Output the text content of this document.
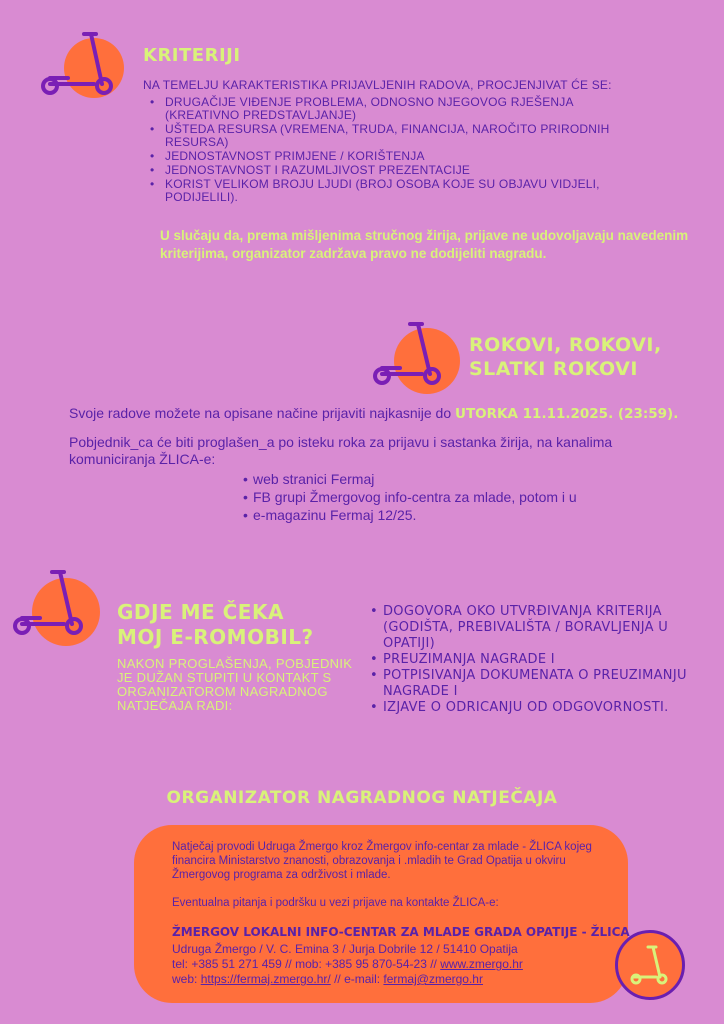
KRITERIJI
NA TEMELJU KARAKTERISTIKA PRIJAVLJENIH RADOVA, PROCJENJIVAT ĆE SE:
• DRUGAČIJE VIĐENJE PROBLEMA, ODNOSNO NJEGOVOG RJEŠENJA (KREATIVNO PREDSTAVLJANJE)
• UŠTEDA RESURSA (VREMENA, TRUDA, FINANCIJA, NAROČITO PRIRODNIH RESURSA)
• JEDNOSTAVNOST PRIMJENE / KORIŠTENJA
• JEDNOSTAVNOST I RAZUMLJIVOST PREZENTACIJE
• KORIST VELIKOM BROJU LJUDI (BROJ OSOBA KOJE SU OBJAVU VIDJELI, PODIJELILI).
U slučaju da, prema mišljenima stručnog žirija, prijave ne udovoljavaju navedenim kriterijima, organizator zadržava pravo ne dodijeliti nagradu.
ROKOVI, ROKOVI,
SLATKI ROKOVI
Svoje radove možete na opisane načine prijaviti najkasnije do UTORKA 11.11.2025. (23:59).
Pobjednik_ca će biti proglašen_a po isteku roka za prijavu i sastanka žirija, na kanalima komuniciranja ŽLICA-e:
• web stranici Fermaj
• FB grupi Žmergovog info-centra za mlade, potom i u
• e-magazinu Fermaj 12/25.
GDJE ME ČEKA
MOJ E-ROMOBIL?
NAKON PROGLAŠENJA, POBJEDNIK JE DUŽAN STUPITI U KONTAKT S ORGANIZATOROM NAGRADNOG NATJEČAJA RADI:
• DOGOVORA OKO UTVRĐIVANJA KRITERIJA (GODIŠTA, PREBIVALIŠTA / BORAVLJENJA U OPATIJI)
• PREUZIMANJA NAGRADE I
• POTPISIVANJA DOKUMENATA O PREUZIMANJU NAGRADE I
• IZJAVE O ODRICANJU OD ODGOVORNOSTI.
ORGANIZATOR NAGRADNOG NATJEČAJA
Natječaj provodi Udruga Žmergo kroz Žmergov info-centar za mlade - ŽLICA kojeg financira Ministarstvo znanosti, obrazovanja i .mladih te Grad Opatija u okviru Žmergovog programa za održivost i mlade.
Eventualna pitanja i podršku u vezi prijave na kontakte ŽLICA-e:
ŽMERGOV LOKALNI INFO-CENTAR ZA MLADE GRADA OPATIJE - ŽLICA
Udruga Žmergo / V. C. Emina 3 / Jurja Dobrile 12 / 51410 Opatija
tel: +385 51 271 459 // mob: +385 95 870-54-23 // www.zmergo.hr
web: https://fermaj.zmergo.hr/ // e-mail: fermaj@zmergo.hr
